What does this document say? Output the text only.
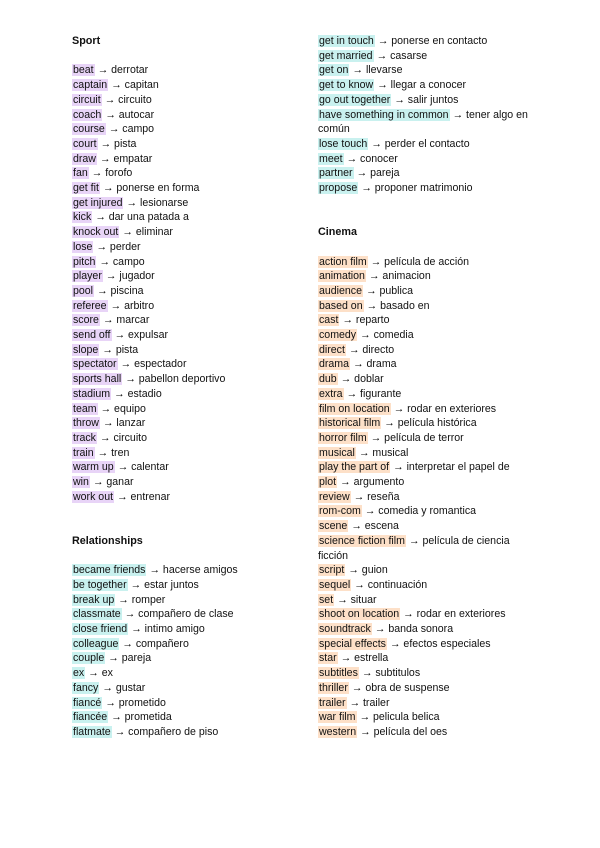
Sport
beat → derrotar
captain → capitan
circuit → circuito
coach → autocar
course → campo
court → pista
draw → empatar
fan → forofo
get fit → ponerse en forma
get injured → lesionarse
kick → dar una patada a
knock out → eliminar
lose → perder
pitch → campo
player → jugador
pool → piscina
referee → arbitro
score → marcar
send off → expulsar
slope → pista
spectator → espectador
sports hall → pabellon deportivo
stadium → estadio
team → equipo
throw → lanzar
track → circuito
train → tren
warm up → calentar
win → ganar
work out → entrenar
Relationships
became friends → hacerse amigos
be together → estar juntos
break up → romper
classmate → compañero de clase
close friend → intimo amigo
colleague → compañero
couple → pareja
ex → ex
fancy → gustar
fiancé → prometido
fiancée → prometida
flatmate → compañero de piso
get in touch → ponerse en contacto
get married → casarse
get on → llevarse
get to know → llegar a conocer
go out together → salir juntos
have something in common → tener algo en común
lose touch → perder el contacto
meet → conocer
partner → pareja
propose → proponer matrimonio
Cinema
action film → película de acción
animation → animacion
audience → publica
based on → basado en
cast → reparto
comedy → comedia
direct → directo
drama → drama
dub → doblar
extra → figurante
film on location → rodar en exteriores
historical film → película histórica
horror film → película de terror
musical → musical
play the part of → interpretar el papel de
plot → argumento
review → reseña
rom-com → comedia y romantica
scene → escena
science fiction film → película de ciencia ficción
script → guion
sequel → continuación
set → situar
shoot on location → rodar en exteriores
soundtrack → banda sonora
special effects → efectos especiales
star → estrella
subtitles → subtitulos
thriller → obra de suspense
trailer → trailer
war film → pelicula belica
western → película del oes
